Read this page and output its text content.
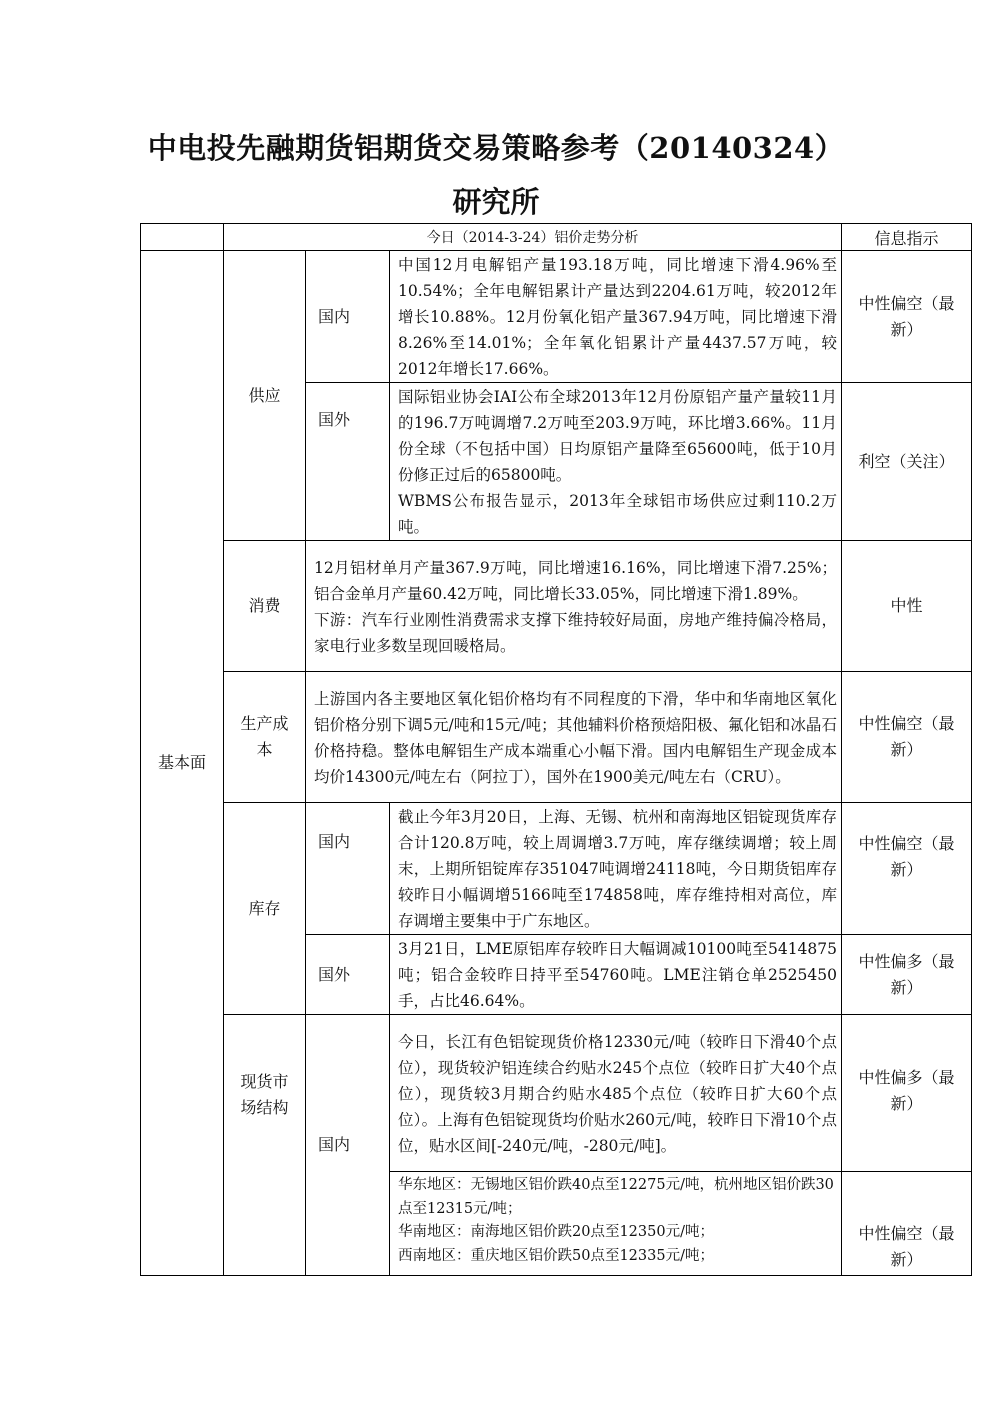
中电投先融期货铝期货交易策略参考（20140324）
研究所
	今日（2014-3-24）铝价走势分析			信息指示
基本面	供应	国内	中国12月电解铝产量193.18万吨，同比增速下滑4.96%至10.54%；全年电解铝累计产量达到2204.61万吨，较2012年增长10.88%。12月份氧化铝产量367.94万吨，同比增速下滑8.26%至14.01%；全年氧化铝累计产量4437.57万吨，较2012年增长17.66%。	中性偏空（最新）
		国外	国际铝业协会IAI公布全球2013年12月份原铝产量产量较11月的196.7万吨调增7.2万吨至203.9万吨，环比增3.66%。11月份全球（不包括中国）日均原铝产量降至65600吨，低于10月份修正过后的65800吨。

WBMS公布报告显示，2013年全球铝市场供应过剩110.2万吨。	利空（关注）
	消费	12月铝材单月产量367.9万吨，同比增速16.16%，同比增速下滑7.25%；铝合金单月产量60.42万吨，同比增长33.05%，同比增速下滑1.89%。

下游：汽车行业刚性消费需求支撑下维持较好局面，房地产维持偏冷格局，家电行业多数呈现回暖格局。		中性
	生产成本	上游国内各主要地区氧化铝价格均有不同程度的下滑，华中和华南地区氧化铝价格分别下调5元/吨和15元/吨；其他辅料价格预焙阳极、氟化铝和冰晶石价格持稳。整体电解铝生产成本端重心小幅下滑。国内电解铝生产现金成本均价14300元/吨左右（阿拉丁），国外在1900美元/吨左右（CRU）。		中性偏空（最新）
	库存	国内	截止今年3月20日，上海、无锡、杭州和南海地区铝锭现货库存合计120.8万吨，较上周调增3.7万吨，库存继续调增；较上周末，上期所铝锭库存351047吨调增24118吨，今日期货铝库存较昨日小幅调增5166吨至174858吨，库存维持相对高位，库存调增主要集中于广东地区。	中性偏空（最新）
		国外	3月21日，LME原铝库存较昨日大幅调减10100吨至5414875吨；铝合金较昨日持平至54760吨。LME注销仓单2525450手，占比46.64%。	中性偏多（最新）
	现货市场结构	国内	今日，长江有色铝锭现货价格12330元/吨（较昨日下滑40个点位），现货较沪铝连续合约贴水245个点位（较昨日扩大40个点位），现货较3月期合约贴水485个点位（较昨日扩大60个点位）。上海有色铝锭现货均价贴水260元/吨，较昨日下滑10个点位，贴水区间[-240元/吨，-280元/吨]。	中性偏多（最新）

			华东地区：无锡地区铝价跌40点至12275元/吨，杭州地区铝价跌30点至12315元/吨；

华南地区：南海地区铝价跌20点至12350元/吨；

西南地区：重庆地区铝价跌50点至12335元/吨；	中性偏空（最新）
